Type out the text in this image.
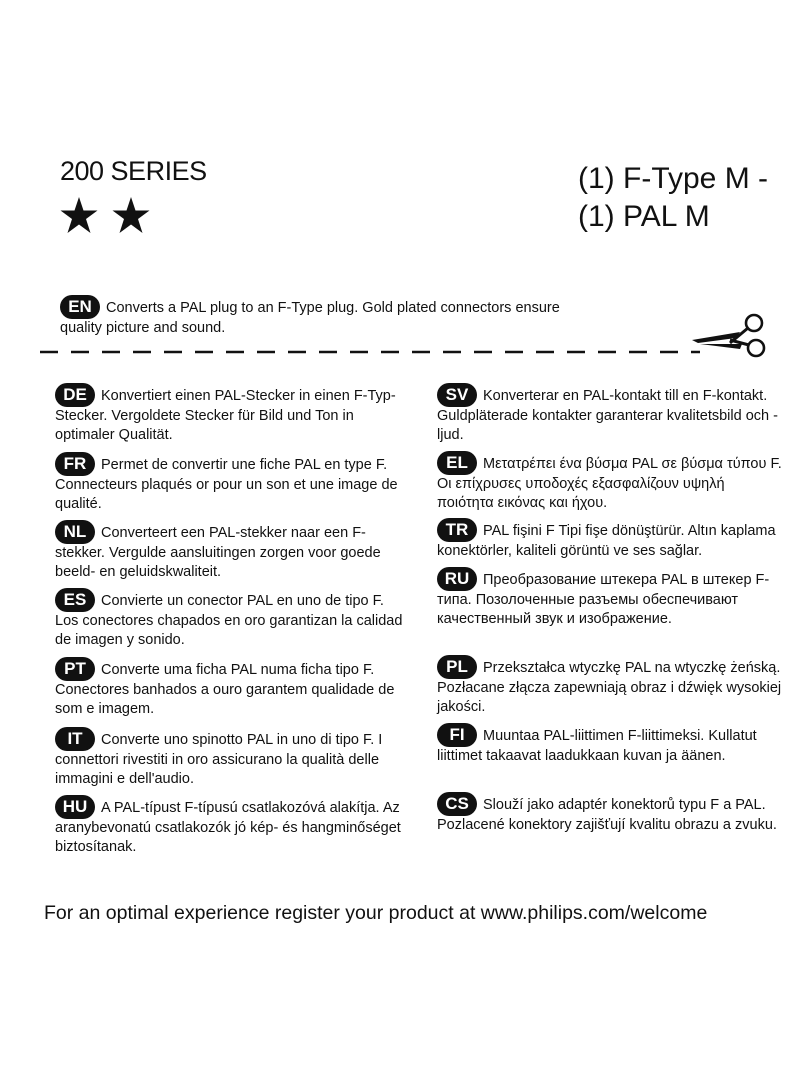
200 SERIES	(1) F-Type M -
(1) PAL M
EN Converts a PAL plug to an F-Type plug. Gold plated connectors ensure quality picture and sound.
DE Konvertiert einen PAL-Stecker in einen F-Typ-Stecker. Vergoldete Stecker für Bild und Ton in optimaler Qualität.
FR Permet de convertir une fiche PAL en type F. Connecteurs plaqués or pour un son et une image de qualité.
NL Converteert een PAL-stekker naar een F-stekker. Vergulde aansluitingen zorgen voor goede beeld- en geluidskwaliteit.
ES Convierte un conector PAL en uno de tipo F. Los conectores chapados en oro garantizan la calidad de imagen y sonido.
PT Converte uma ficha PAL numa ficha tipo F. Conectores banhados a ouro garantem qualidade de som e imagem.
IT Converte uno spinotto PAL in uno di tipo F. I connettori rivestiti in oro assicurano la qualità delle immagini e dell'audio.
HU A PAL-típust F-típusú csatlakozóvá alakítja. Az aranybevonatú csatlakozók jó kép- és hangminőséget biztosítanak.
SV Konverterar en PAL-kontakt till en F-kontakt. Guldpläterade kontakter garanterar kvalitetsbild och -ljud.
EL Μετατρέπει ένα βύσμα PAL σε βύσμα τύπου F. Οι επίχρυσες υποδοχές εξασφαλίζουν υψηλή ποιότητα εικόνας και ήχου.
TR PAL fişini F Tipi fişe dönüştürür. Altın kaplama konektörler, kaliteli görüntü ve ses sağlar.
RU Преобразование штекера PAL в штекер F-типа. Позолоченные разъемы обеспечивают качественный звук и изображение.
PL Przekształca wtyczkę PAL na wtyczkę żeńską. Pozłacane złącza zapewniają obraz i dźwięk wysokiej jakości.
FI Muuntaa PAL-liittimen F-liittimeksi. Kullatut liittimet takaavat laadukkaan kuvan ja äänen.
CS Slouží jako adaptér konektorů typu F a PAL. Pozlacené konektory zajišťují kvalitu obrazu a zvuku.
For an optimal experience register your product at www.philips.com/welcome
